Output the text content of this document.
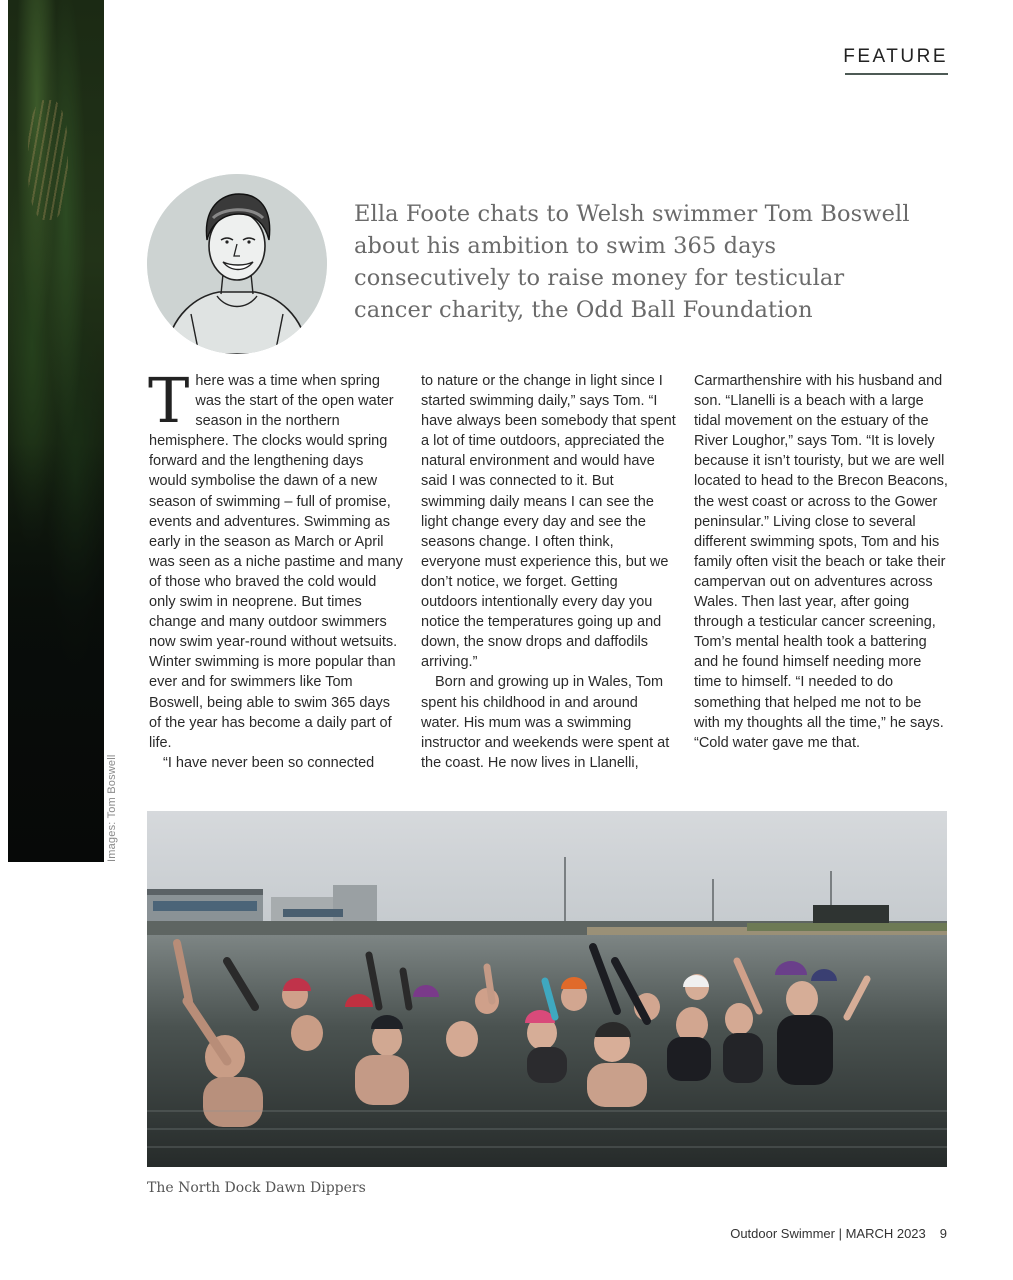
Images: Tom Boswell
FEATURE

Ella Foote chats to Welsh swimmer Tom Boswell about his ambition to swim 365 days consecutively to raise money for testicular cancer charity, the Odd Ball Foundation

There was a time when spring was the start of the open water season in the northern hemisphere. The clocks would spring forward and the lengthening days would symbolise the dawn of a new season of swimming – full of promise, events and adventures. Swimming as early in the season as March or April was seen as a niche pastime and many of those who braved the cold would only swim in neoprene. But times change and many outdoor swimmers now swim year-round without wetsuits. Winter swimming is more popular than ever and for swimmers like Tom Boswell, being able to swim 365 days of the year has become a daily part of life.

“I have never been so connected

to nature or the change in light since I started swimming daily,” says Tom. “I have always been somebody that spent a lot of time outdoors, appreciated the natural environment and would have said I was connected to it. But swimming daily means I can see the light change every day and see the seasons change. I often think, everyone must experience this, but we don’t notice, we forget. Getting outdoors intentionally every day you notice the temperatures going up and down, the snow drops and daffodils arriving.”

Born and growing up in Wales, Tom spent his childhood in and around water. His mum was a swimming instructor and weekends were spent at the coast. He now lives in Llanelli,

Carmarthenshire with his husband and son. “Llanelli is a beach with a large tidal movement on the estuary of the River Loughor,” says Tom. “It is lovely because it isn’t touristy, but we are well located to head to the Brecon Beacons, the west coast or across to the Gower peninsular.” Living close to several different swimming spots, Tom and his family often visit the beach or take their campervan out on adventures across Wales. Then last year, after going through a testicular cancer screening, Tom’s mental health took a battering and he found himself needing more time to himself. “I needed to do something that helped me not to be with my thoughts all the time,” he says. “Cold water gave me that.

The North Dock Dawn Dippers
Outdoor Swimmer | MARCH 2023 9
